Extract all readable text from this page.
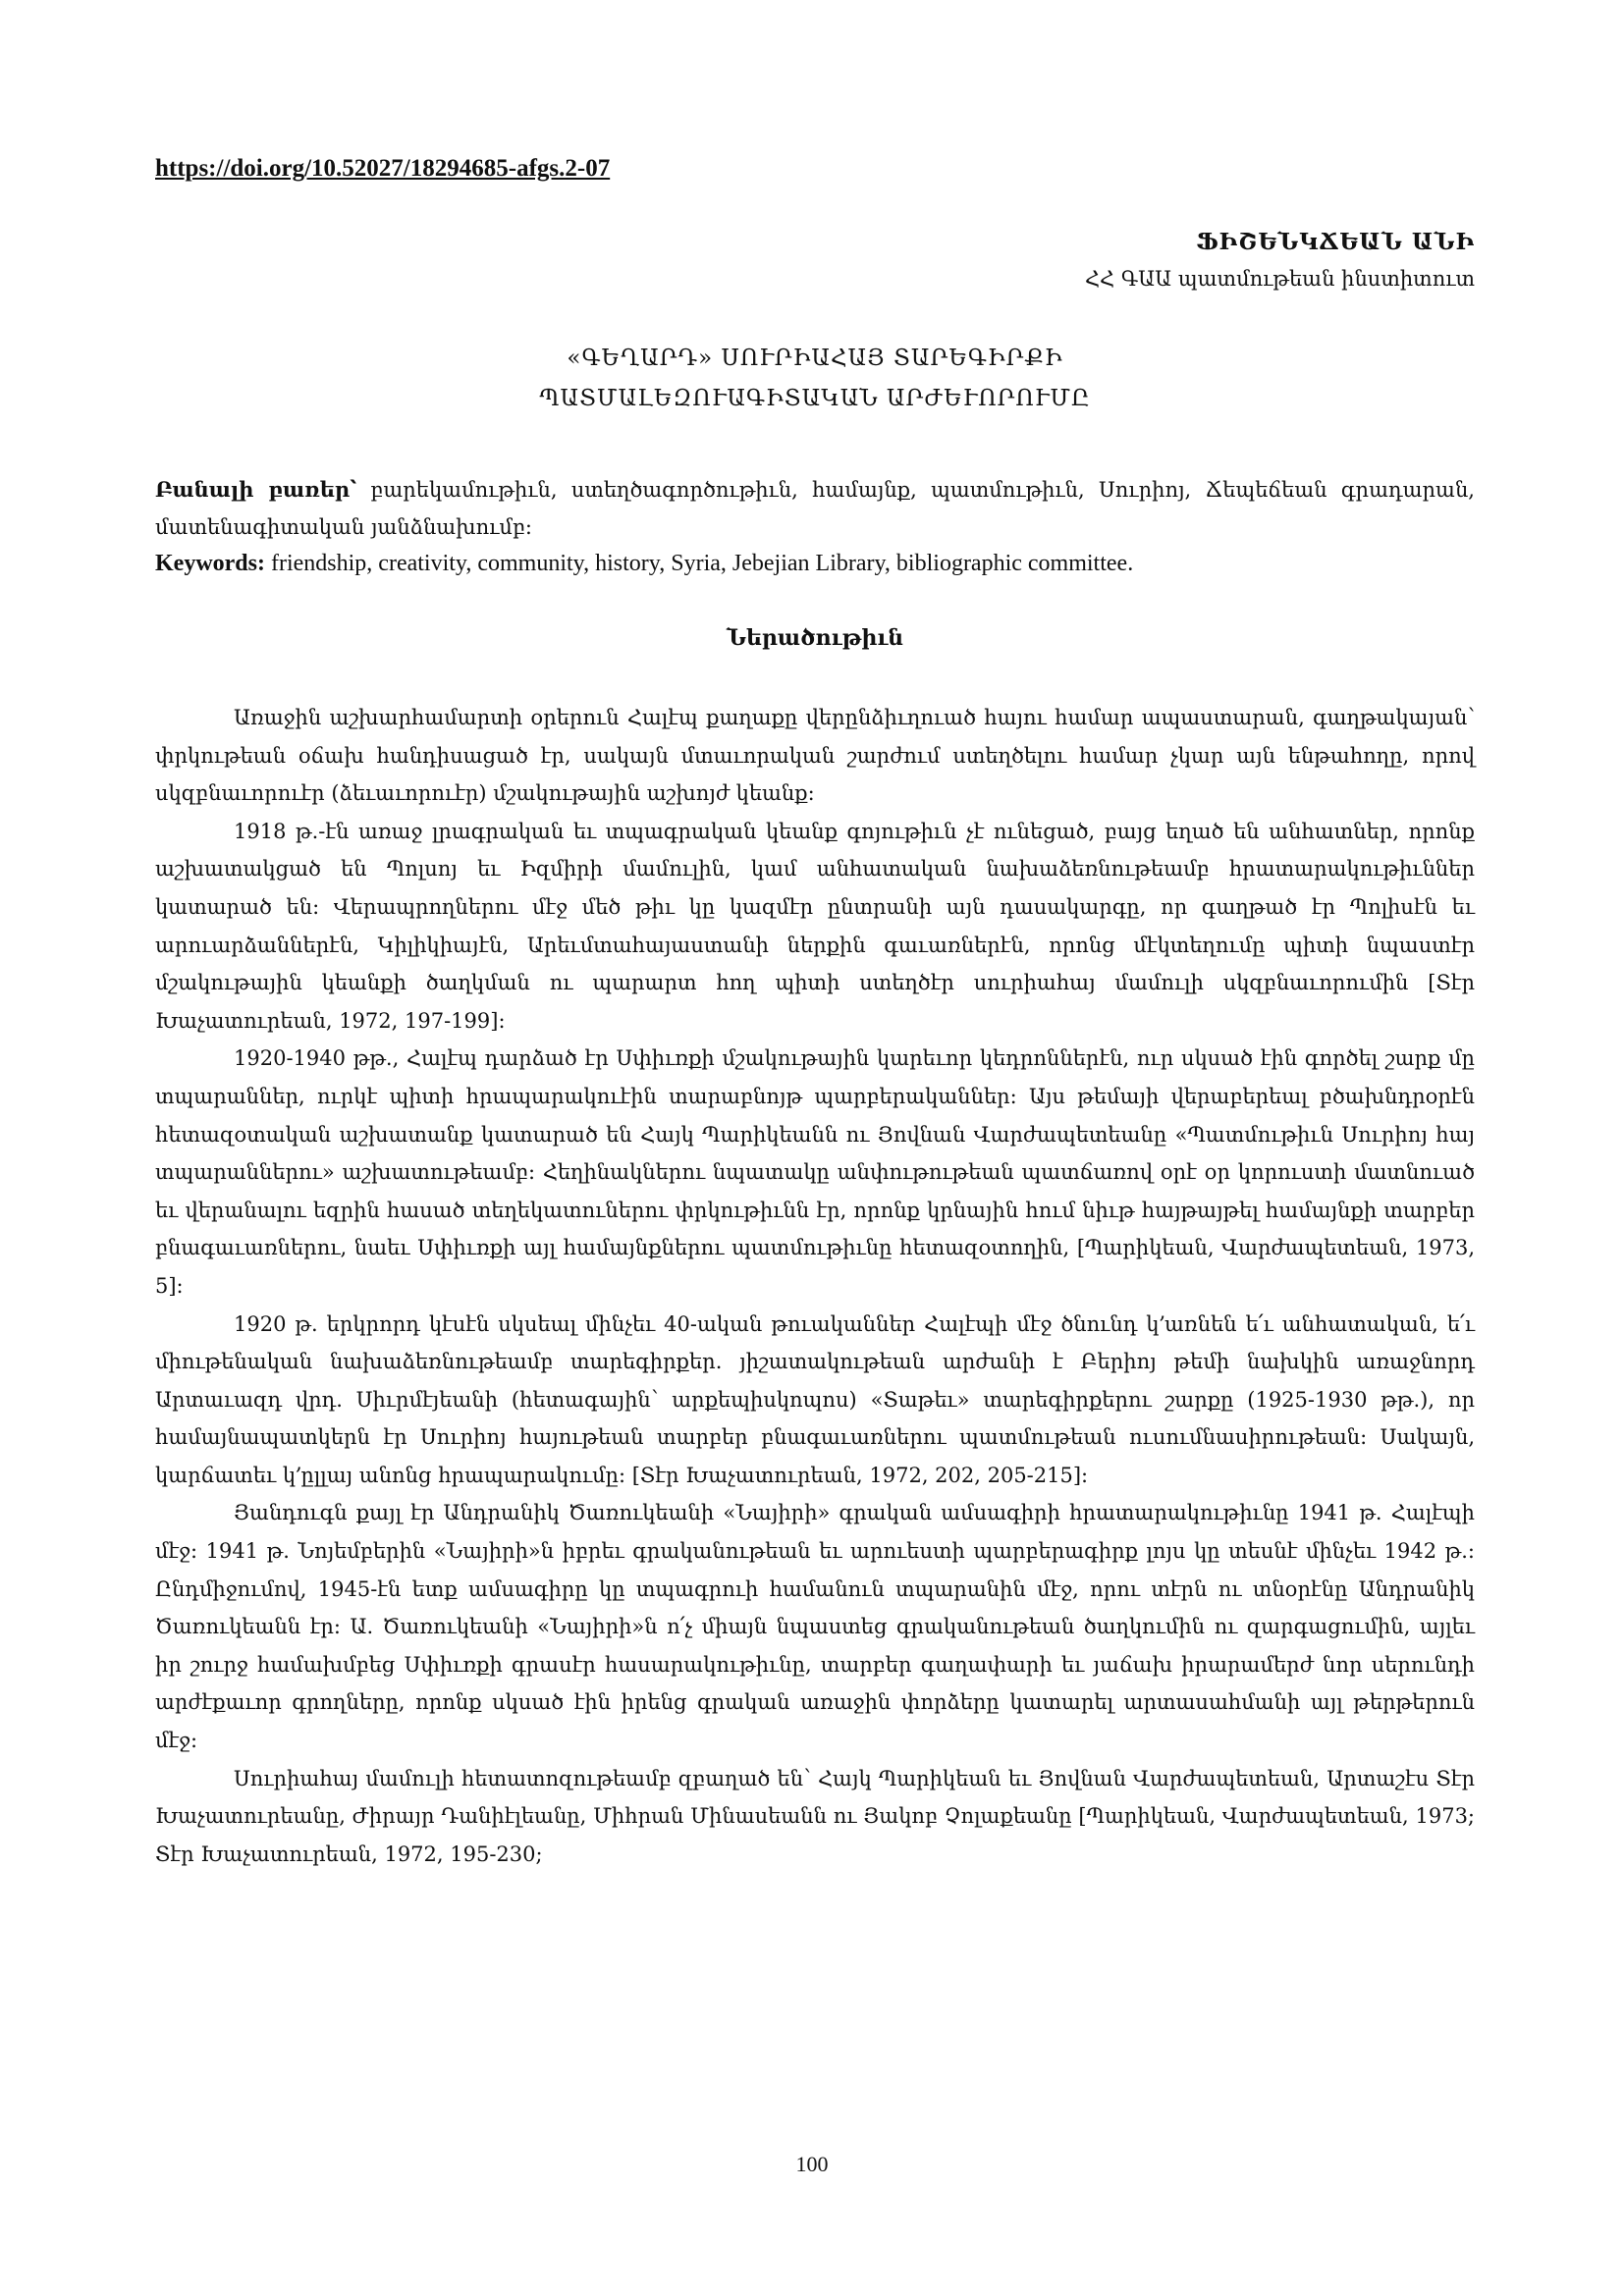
https://doi.org/10.52027/18294685-afgs.2-07
ՖԻՇԵՆԿՃԵԱՆ ԱՆԻ
ՀՀ ԳԱԱ պատմութեան ինստիտուտ
«ԳԵՂԱՐԴ» ՍՈՒՐԻԱՀԱՅ ՏԱՐԵԳԻՐՔԻ
ՊԱՏՄԱԼԵԶՈՒԱԳԻՏԱԿԱՆ ԱՐԺԵՒՈՐՈՒՄԸ
Բանալի բառեր՝ բարեկամութիւն, ստեղծագործութիւն, համայնք, պատմութիւն, Սուրիոյ, Ճեպեճեան գրադարան, մատենագիտական յանձնախումբ:
Keywords: friendship, creativity, community, history, Syria, Jebejian Library, bibliographic committee.
Ներածութիւն

Առաջին աշխարհամարտի օրերուն Հալէպ քաղաքը վերընձիւղուած հայու համար ապաստարան, գաղթակայան՝ փրկութեան օճախ հանդիսացած էր, սակայն մտաւորական շարժում ստեղծելու համար չկար այն ենթահողը, որով սկզբնաւորուէր (ձեւաւորուէր) մշակութային աշխոյժ կեանք:

1918 թ.-էն առաջ լրագրական եւ տպագրական կեանք գոյութիւն չէ ունեցած, բայց եղած են անհատներ, որոնք աշխատակցած են Պոլսոյ եւ Իզմիրի մամուլին, կամ անհատական նախաձեռնութեամբ հրատարակութիւններ կատարած են: Վերապրողներու մէջ մեծ թիւ կը կազմէր ընտրանի այն դասակարգը, որ գաղթած էր Պոլիսէն եւ արուարձաններէն, Կիլիկիայէն, Արեւմտահայաստանի ներքին գաւառներէն, որոնց մէկտեղումը պիտի նպաստէր մշակութային կեանքի ծաղկման ու պարարտ հող պիտի ստեղծէր սուրիահայ մամուլի սկզբնաւորումին [Տէր Խաչատուրեան, 1972, 197-199]:

1920-1940 թթ., Հալէպ դարձած էր Սփիւռքի մշակութային կարեւոր կեդրոններէն, ուր սկսած էին գործել շարք մը տպարաններ, ուրկէ պիտի հրապարակուէին տարաբնոյթ պարբերականներ: Այս թեմայի վերաբերեալ բծախնդրօրէն հետազօտական աշխատանք կատարած են Հայկ Պարիկեանն ու Յովնան Վարժապետեանը «Պատմութիւն Սուրիոյ հայ տպարաններու» աշխատութեամբ: Հեղինակներու նպատակը անփութութեան պատճառով օրէ օր կորուստի մատնուած եւ վերանալու եզրին հասած տեղեկատուներու փրկութիւնն էր, որոնք կրնային հում նիւթ հայթայթել համայնքի տարբեր բնագաւառներու, նաեւ Սփիւռքի այլ համայնքներու պատմութիւնը հետազօտողին, [Պարիկեան, Վարժապետեան, 1973, 5]:

1920 թ. երկրորդ կէսէն սկսեալ մինչեւ 40-ական թուականներ Հալէպի մէջ ծնունդ կ՚առնեն ե՛ւ անհատական, ե՛ւ միութենական նախաձեռնութեամբ տարեգիրքեր. յիշատակութեան արժանի է Բերիոյ թեմի նախկին առաջնորդ Արտաւազդ վրդ. Սիւրմէյեանի (հետագային՝ արքեպիսկոպոս) «Տաթեւ» տարեգիրքերու շարքը (1925-1930 թթ.), որ համայնապատկերն էր Սուրիոյ հայութեան տարբեր բնագաւառներու պատմութեան ուսումնասիրութեան: Սակայն, կարճատեւ կ՚ըլլայ անոնց հրապարակումը: [Տէր Խաչատուրեան, 1972, 202, 205-215]:

Յանդուգն քայլ էր Անդրանիկ Ծառուկեանի «Նայիրի» գրական ամսագիրի հրատարակութիւնը 1941 թ. Հալէպի մէջ: 1941 թ. Նոյեմբերին «Նայիրի»ն իբրեւ գրականութեան եւ արուեստի պարբերագիրք լոյս կը տեսնէ մինչեւ 1942 թ.: Ընդմիջումով, 1945-էն ետք ամսագիրը կը տպագրուի համանուն տպարանին մէջ, որու տէրն ու տնօրէնը Անդրանիկ Ծառուկեանն էր: Ա. Ծառուկեանի «Նայիրի»ն ո՛չ միայն նպաստեց գրականութեան ծաղկումին ու զարգացումին, այլեւ իր շուրջ համախմբեց Սփիւռքի գրասէր հասարակութիւնը, տարբեր գաղափարի եւ յաճախ իրարամերժ նոր սերունդի արժէքաւոր գրողները, որոնք սկսած էին իրենց գրական առաջին փորձերը կատարել արտասահմանի այլ թերթերուն մէջ:

Սուրիահայ մամուլի հետատոզութեամբ զբաղած են՝ Հայկ Պարիկեան եւ Յովնան Վարժապետեան, Արտաշէս Տէր Խաչատուրեանը, Ժիրայր Դանիէլեանը, Միհրան Մինասեանն ու Յակոբ Չոլաքեանը [Պարիկեան, Վարժապետեան, 1973; Տէր Խաչատուրեան, 1972, 195-230;

100
